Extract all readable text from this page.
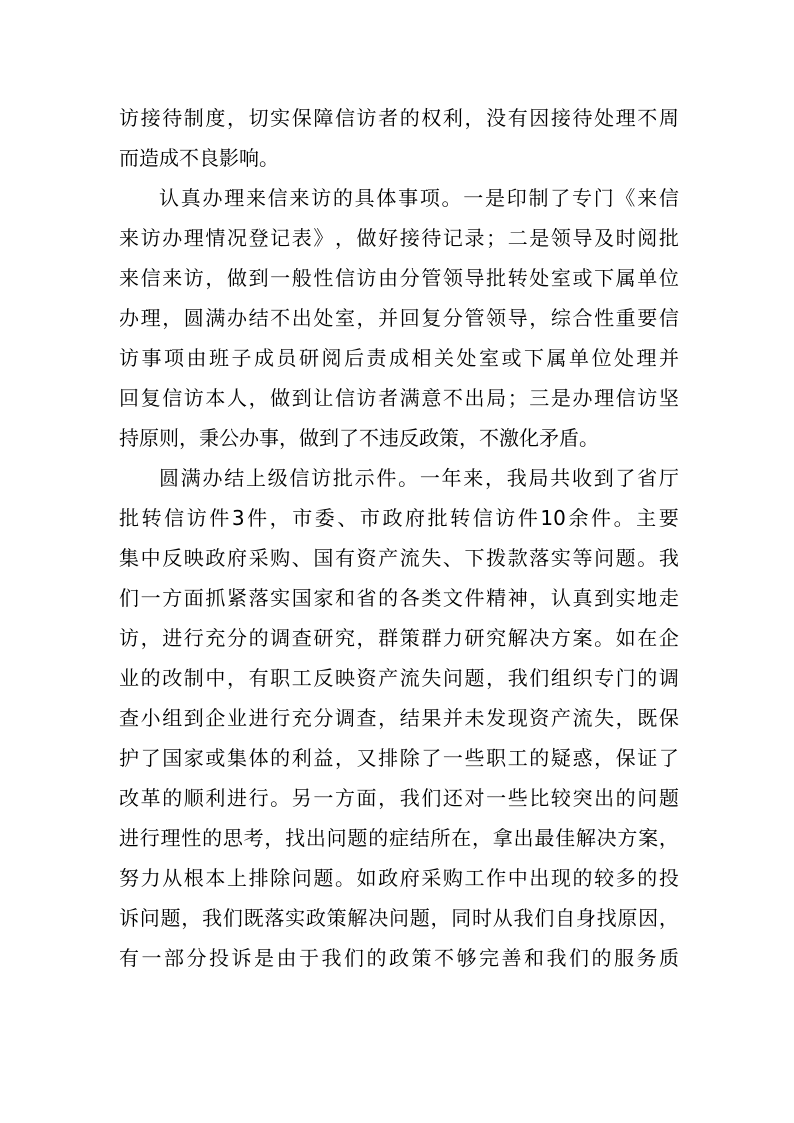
访 接 待 制 度 ， 切 实 保 障 信 访 者 的 权 利 ， 没 有 因 接 待 处 理 不 周
而造成不良影响。
认 真 办 理 来 信 来 访 的 具 体 事 项 。 一 是 印 制 了 专 门 《 来 信
来 访 办 理 情 况 登 记 表 》 ， 做 好 接 待 记 录 ； 二 是 领 导 及 时 阅 批
来 信 来 访 ， 做 到 一 般 性 信 访 由 分 管 领 导 批 转 处 室 或 下 属 单 位
办 理 ， 圆 满 办 结 不 出 处 室 ， 并 回 复 分 管 领 导 ， 综 合 性 重 要 信
访 事 项 由 班 子 成 员 研 阅 后 责 成 相 关 处 室 或 下 属 单 位 处 理 并
回 复 信 访 本 人 ， 做 到 让 信 访 者 满 意 不 出 局 ； 三 是 办 理 信 访 坚
持原则，秉公办事，做到了不违反政策，不激化矛盾。
圆 满 办 结 上 级 信 访 批 示 件 。 一 年 来 ， 我 局 共 收 到 了 省 厅
批 转 信 访 件 3 件 ， 市 委 、 市 政 府 批 转 信 访 件 10 余 件 。 主 要
集 中 反 映 政 府 采 购 、 国 有 资 产 流 失 、 下 拨 款 落 实 等 问 题 。 我
们 一 方 面 抓 紧 落 实 国 家 和 省 的 各 类 文 件 精 神 ， 认 真 到 实 地 走
访 ， 进 行 充 分 的 调 查 研 究 ， 群 策 群 力 研 究 解 决 方 案 。 如 在 企
业 的 改 制 中 ， 有 职 工 反 映 资 产 流 失 问 题 ， 我 们 组 织 专 门 的 调
查 小 组 到 企 业 进 行 充 分 调 查 ， 结 果 并 未 发 现 资 产 流 失 ， 既 保
护 了 国 家 或 集 体 的 利 益 ， 又 排 除 了 一 些 职 工 的 疑 惑 ， 保 证 了
改 革 的 顺 利 进 行 。 另 一 方 面 ， 我 们 还 对 一 些 比 较 突 出 的 问 题
进 行 理 性 的 思 考 ， 找 出 问 题 的 症 结 所 在 ， 拿 出 最 佳 解 决 方 案 ，
努 力 从 根 本 上 排 除 问 题 。 如 政 府 采 购 工 作 中 出 现 的 较 多 的 投
诉 问 题 ， 我 们 既 落 实 政 策 解 决 问 题 ， 同 时 从 我 们 自 身 找 原 因 ，
有 一 部 分 投 诉 是 由 于 我 们 的 政 策 不 够 完 善 和 我 们 的 服 务 质
